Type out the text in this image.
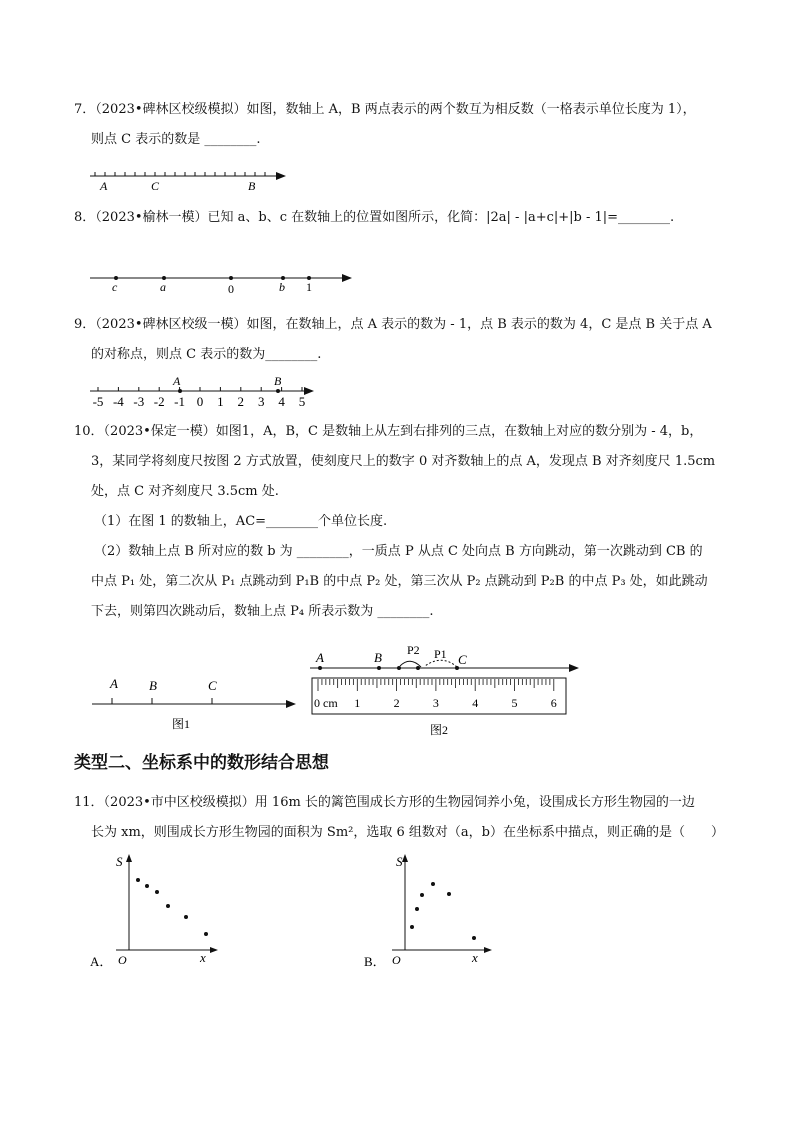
7．（2023•碑林区校级模拟）如图，数轴上 A，B 两点表示的两个数互为相反数（一格表示单位长度为 1），
则点 C 表示的数是 ________.
A	C	B
8．（2023•榆林一模）已知 a、b、c 在数轴上的位置如图所示，化简：|2a| - |a+c|+|b - 1|=________.
c	a	0	b 1
9．（2023•碑林区校级一模）如图，在数轴上，点 A 表示的数为 - 1，点 B 表示的数为 4，C 是点 B 关于点 A
的对称点，则点 C 表示的数为________.
A	B
-5 -4 -3 -2 -1 0 1 2 3 4 5
10．（2023•保定一模）如图1，A，B，C 是数轴上从左到右排列的三点，在数轴上对应的数分别为 - 4，b，
3，某同学将刻度尺按图 2 方式放置，使刻度尺上的数字 0 对齐数轴上的点 A，发现点 B 对齐刻度尺 1.5cm
处，点 C 对齐刻度尺 3.5cm 处.
（1）在图 1 的数轴上，AC=________个单位长度.
（2）数轴上点 B 所对应的数 b 为 ________，一质点 P 从点 C 处向点 B 方向跳动，第一次跳动到 CB 的
中点 P₁ 处，第二次从 P₁ 点跳动到 P₁B 的中点 P₂ 处，第三次从 P₂ 点跳动到 P₂B 的中点 P₃ 处，如此跳动
下去，则第四次跳动后，数轴上点 P₄ 所表示数为 ________.
A B	C
图1
A	B P2 P1 C
0 cm 1	2	3	4	5	6
图2
类型二、坐标系中的数形结合思想
11．（2023•市中区校级模拟）用 16m 长的篱笆围成长方形的生物园饲养小兔，设围成长方形生物园的一边
长为 xm，则围成长方形生物园的面积为 Sm²，选取 6 组数对（a，b）在坐标系中描点，则正确的是（　　）
A．
S
O	x	B．
S
O	x
